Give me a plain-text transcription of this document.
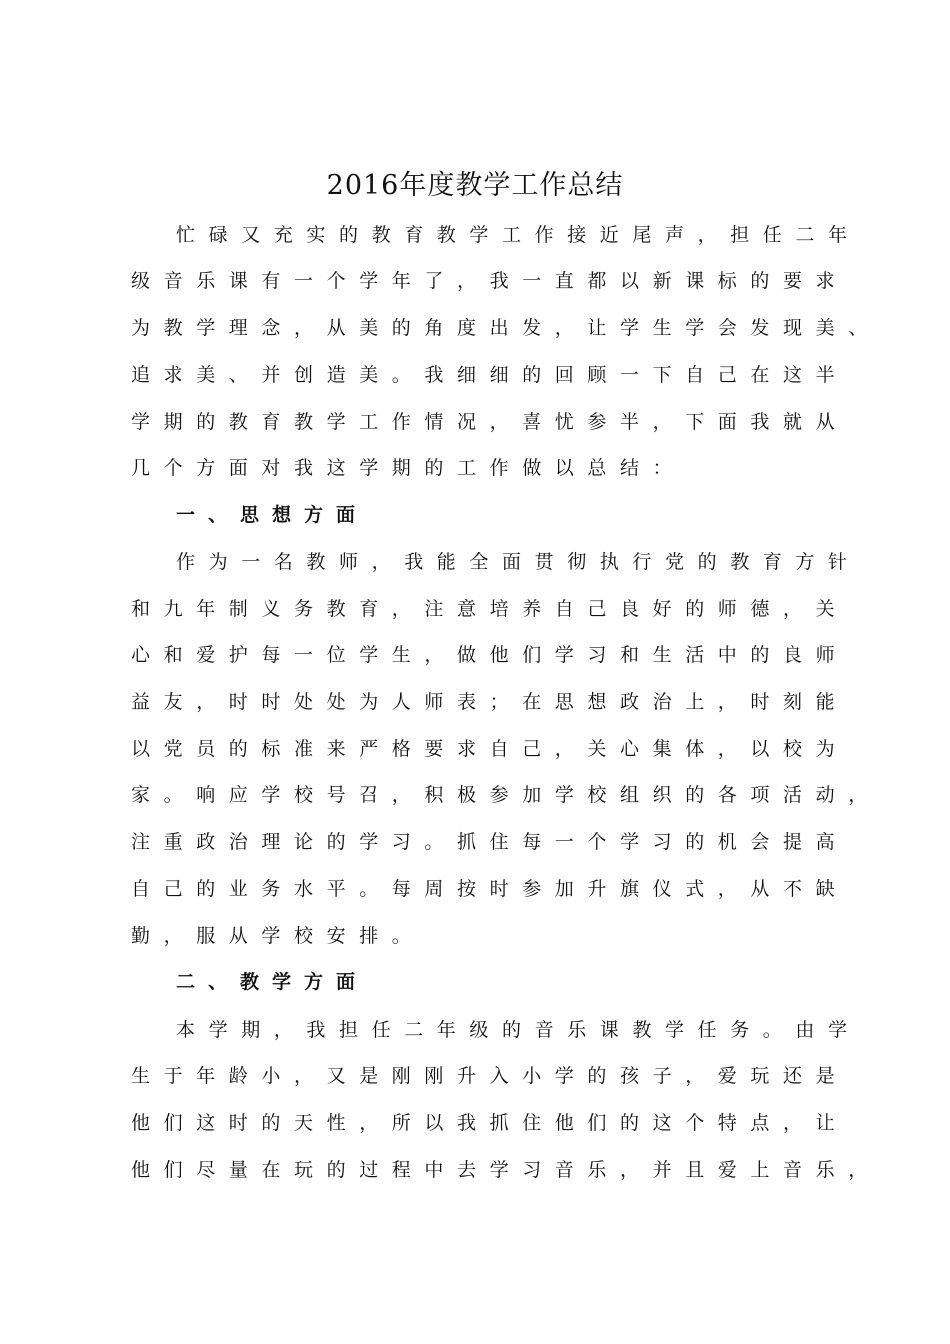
2016年度教学工作总结

忙碌又充实的教育教学工作接近尾声，担任二年

级音乐课有一个学年了，我一直都以新课标的要求

为教学理念，从美的角度出发，让学生学会发现美、

追求美、并创造美。我细细的回顾一下自己在这半

学期的教育教学工作情况，喜忧参半，下面我就从

几个方面对我这学期的工作做以总结：

一、思想方面

作为一名教师，我能全面贯彻执行党的教育方针

和九年制义务教育，注意培养自己良好的师德，关

心和爱护每一位学生，做他们学习和生活中的良师

益友，时时处处为人师表；在思想政治上，时刻能

以党员的标准来严格要求自己，关心集体，以校为

家。响应学校号召，积极参加学校组织的各项活动，

注重政治理论的学习。抓住每一个学习的机会提高

自己的业务水平。每周按时参加升旗仪式，从不缺

勤，服从学校安排。

二、教学方面

本学期，我担任二年级的音乐课教学任务。由学

生于年龄小，又是刚刚升入小学的孩子，爱玩还是

他们这时的天性，所以我抓住他们的这个特点，让

他们尽量在玩的过程中去学习音乐，并且爱上音乐，
